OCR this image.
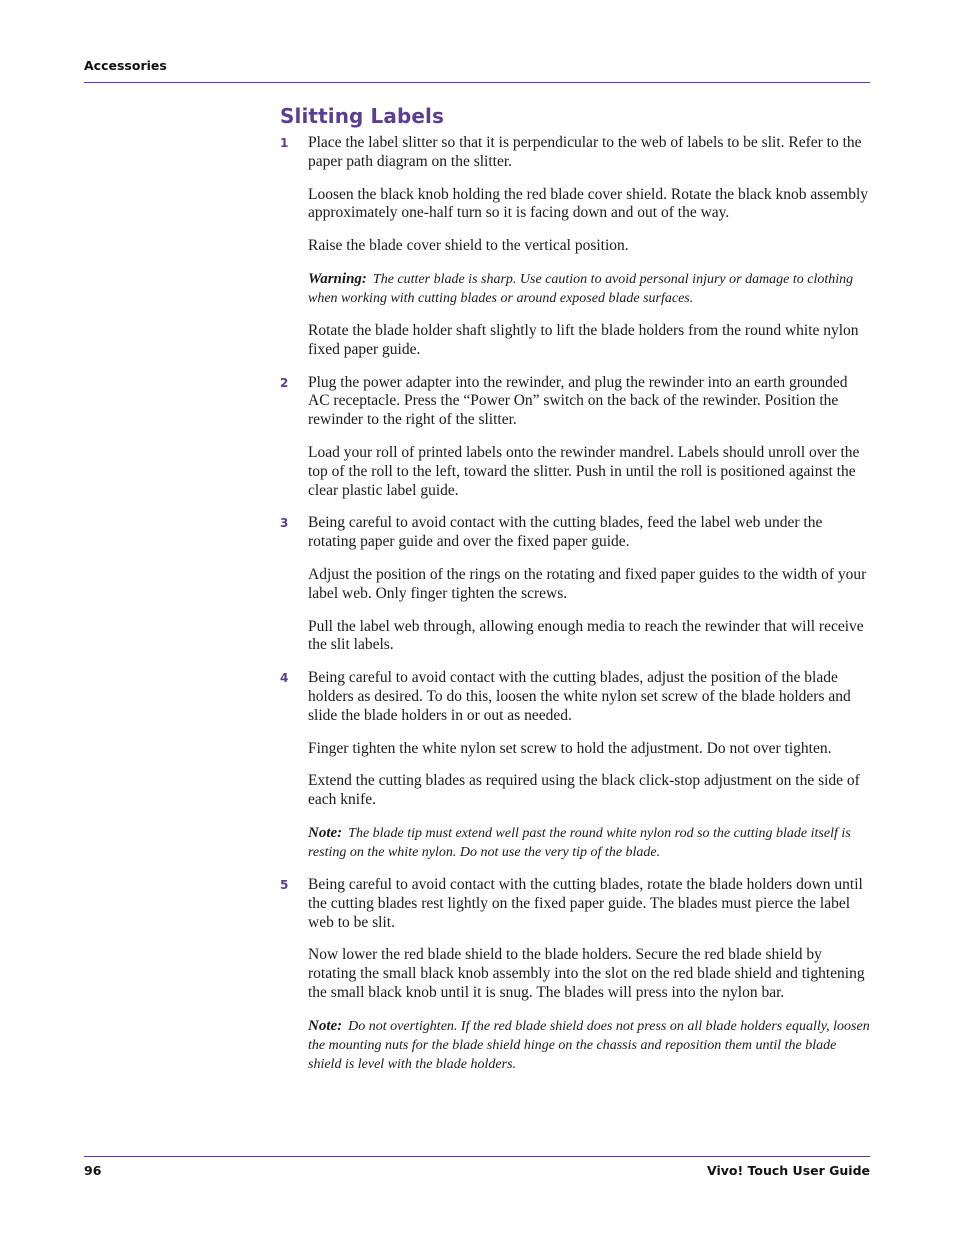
Accessories
Slitting Labels
1 Place the label slitter so that it is perpendicular to the web of labels to be slit. Refer to the paper path diagram on the slitter.

Loosen the black knob holding the red blade cover shield. Rotate the black knob assembly approximately one-half turn so it is facing down and out of the way.

Raise the blade cover shield to the vertical position.

Warning: The cutter blade is sharp. Use caution to avoid personal injury or damage to clothing when working with cutting blades or around exposed blade surfaces.

Rotate the blade holder shaft slightly to lift the blade holders from the round white nylon fixed paper guide.

2 Plug the power adapter into the rewinder, and plug the rewinder into an earth grounded AC receptacle. Press the “Power On” switch on the back of the rewinder. Position the rewinder to the right of the slitter.

Load your roll of printed labels onto the rewinder mandrel. Labels should unroll over the top of the roll to the left, toward the slitter. Push in until the roll is positioned against the clear plastic label guide.

3 Being careful to avoid contact with the cutting blades, feed the label web under the rotating paper guide and over the fixed paper guide.

Adjust the position of the rings on the rotating and fixed paper guides to the width of your label web. Only finger tighten the screws.

Pull the label web through, allowing enough media to reach the rewinder that will receive the slit labels.

4 Being careful to avoid contact with the cutting blades, adjust the position of the blade holders as desired. To do this, loosen the white nylon set screw of the blade holders and slide the blade holders in or out as needed.

Finger tighten the white nylon set screw to hold the adjustment. Do not over tighten.

Extend the cutting blades as required using the black click-stop adjustment on the side of each knife.

Note: The blade tip must extend well past the round white nylon rod so the cutting blade itself is resting on the white nylon. Do not use the very tip of the blade.

5 Being careful to avoid contact with the cutting blades, rotate the blade holders down until the cutting blades rest lightly on the fixed paper guide. The blades must pierce the label web to be slit.

Now lower the red blade shield to the blade holders. Secure the red blade shield by rotating the small black knob assembly into the slot on the red blade shield and tightening the small black knob until it is snug. The blades will press into the nylon bar.

Note: Do not overtighten. If the red blade shield does not press on all blade holders equally, loosen the mounting nuts for the blade shield hinge on the chassis and reposition them until the blade shield is level with the blade holders.

96	Vivo! Touch User Guide
